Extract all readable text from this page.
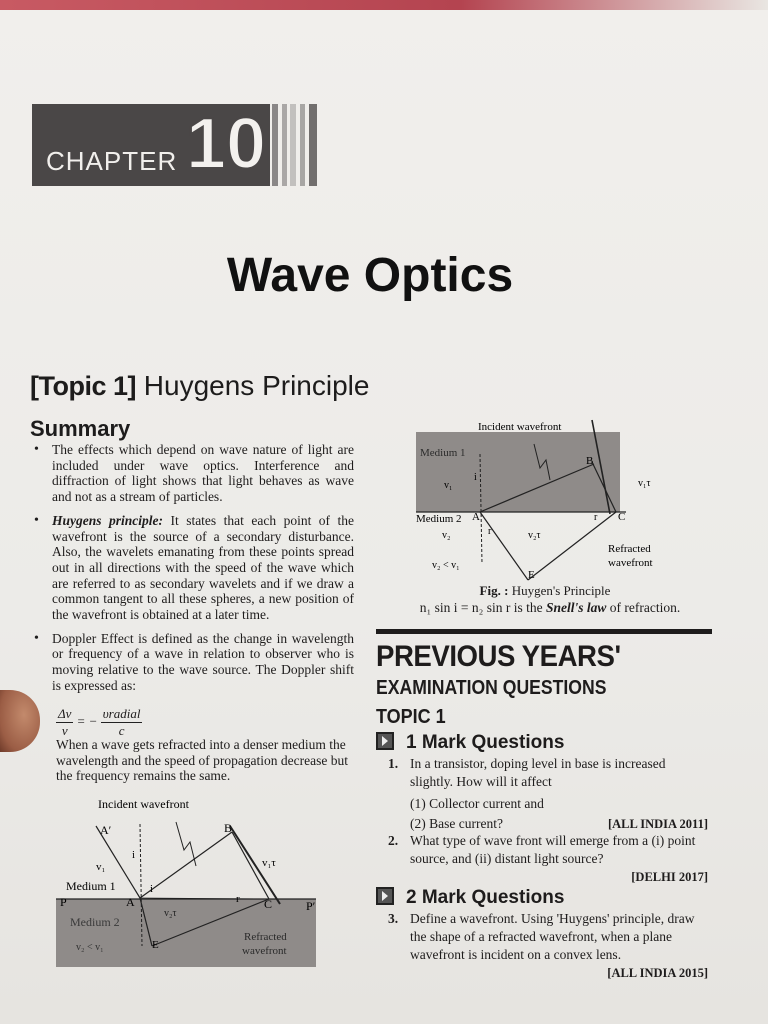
CHAPTER 10
Wave Optics
[Topic 1] Huygens Principle
Summary
• The effects which depend on wave nature of light are included under wave optics. Interference and diffraction of light shows that light behaves as wave and not as a stream of particles.
• Huygens principle: It states that each point of the wavefront is the source of a secondary disturbance. Also, the wavelets emanating from these points spread out in all directions with the speed of the wave which are referred to as secondary wavelets and if we draw a common tangent to all these spheres, a new position of the wavefront is obtained at a later time.
• Doppler Effect is defined as the change in wavelength or frequency of a wave in relation to observer who is moving relative to the wave source. The Doppler shift is expressed as:
$\frac{\Delta\nu}{\nu}$ = − $\frac{\text{υradial}}{c}$
When a wave gets refracted into a denser medium the wavelength and the speed of propagation decrease but the frequency remains the same.
Incident wavefront
A′
v₁
i
i
B
v₁τ
Medium 1
P	P′
A
Medium 2
v₂τ
r C
E
v₂ < v₁
Refracted
wavefront
Incident wavefront
Medium 1
v₁
i
B
v₁τ
Medium 2 A
v₂	r	v₂τ
r C
v₂ < v₁
E
Refracted
wavefront
Fig. : Huygen's Principle
n₁ sin i = n₂ sin r is the Snell's law of refraction.
PREVIOUS YEARS'
EXAMINATION QUESTIONS
TOPIC 1
1 Mark Questions
1. In a transistor, doping level in base is increased slightly. How will it affect
(1) Collector current and
(2) Base current?	[ALL INDIA 2011]
2. What type of wave front will emerge from a (i) point source, and (ii) distant light source?
[DELHI 2017]
2 Mark Questions
3. Define a wavefront. Using 'Huygens' principle, draw the shape of a refracted wavefront, when a plane wavefront is incident on a convex lens.
[ALL INDIA 2015]
